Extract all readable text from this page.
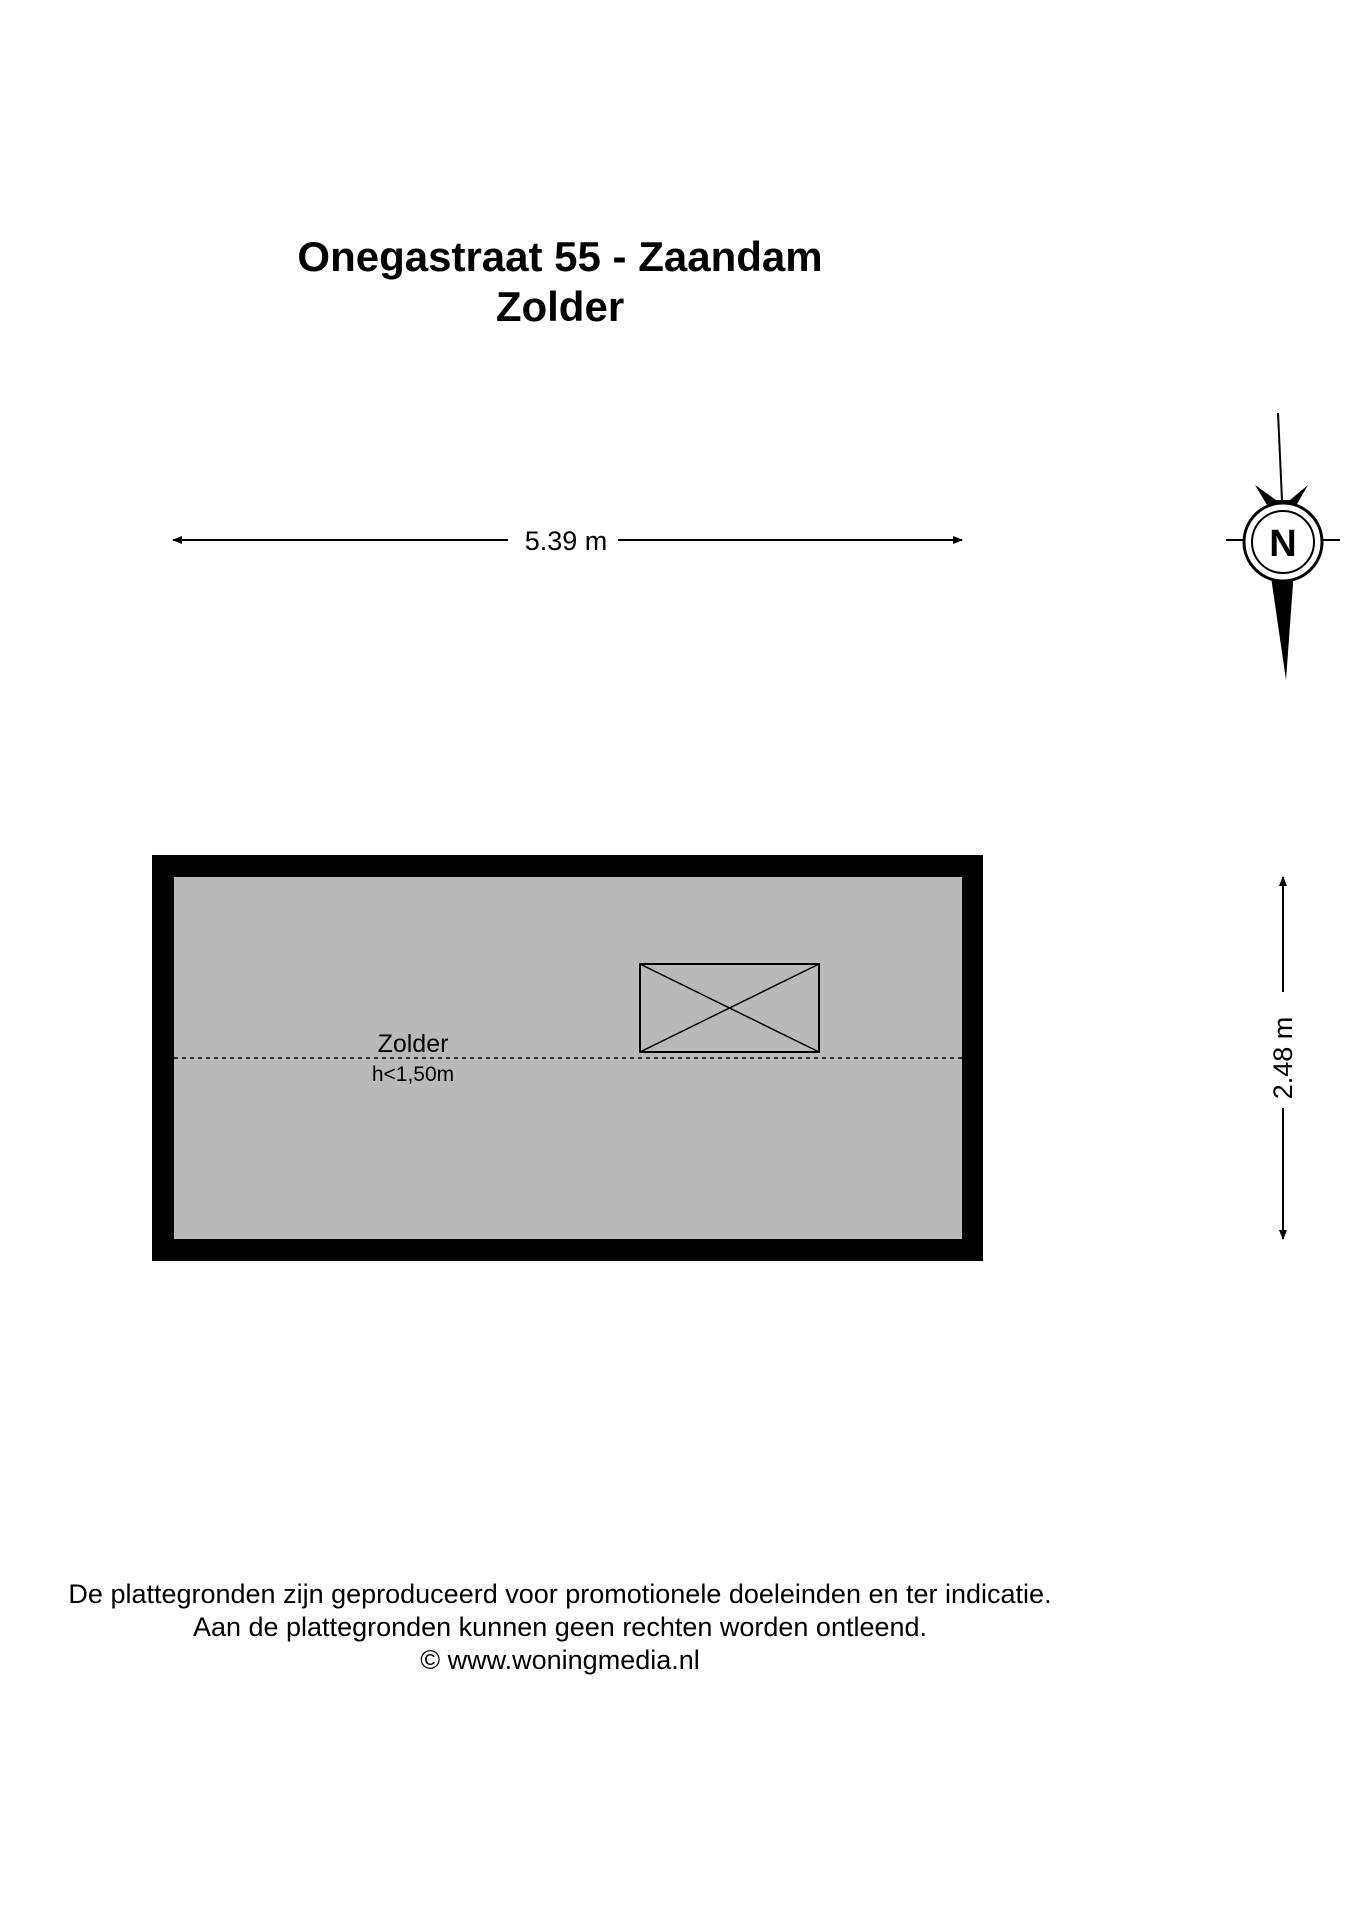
Onegastraat 55 - Zaandam
Zolder
5.39 m	N
Zolder
h<1,50m	2.48 m
De plattegronden zijn geproduceerd voor promotionele doeleinden en ter indicatie.
Aan de plattegronden kunnen geen rechten worden ontleend.
© www.woningmedia.nl
